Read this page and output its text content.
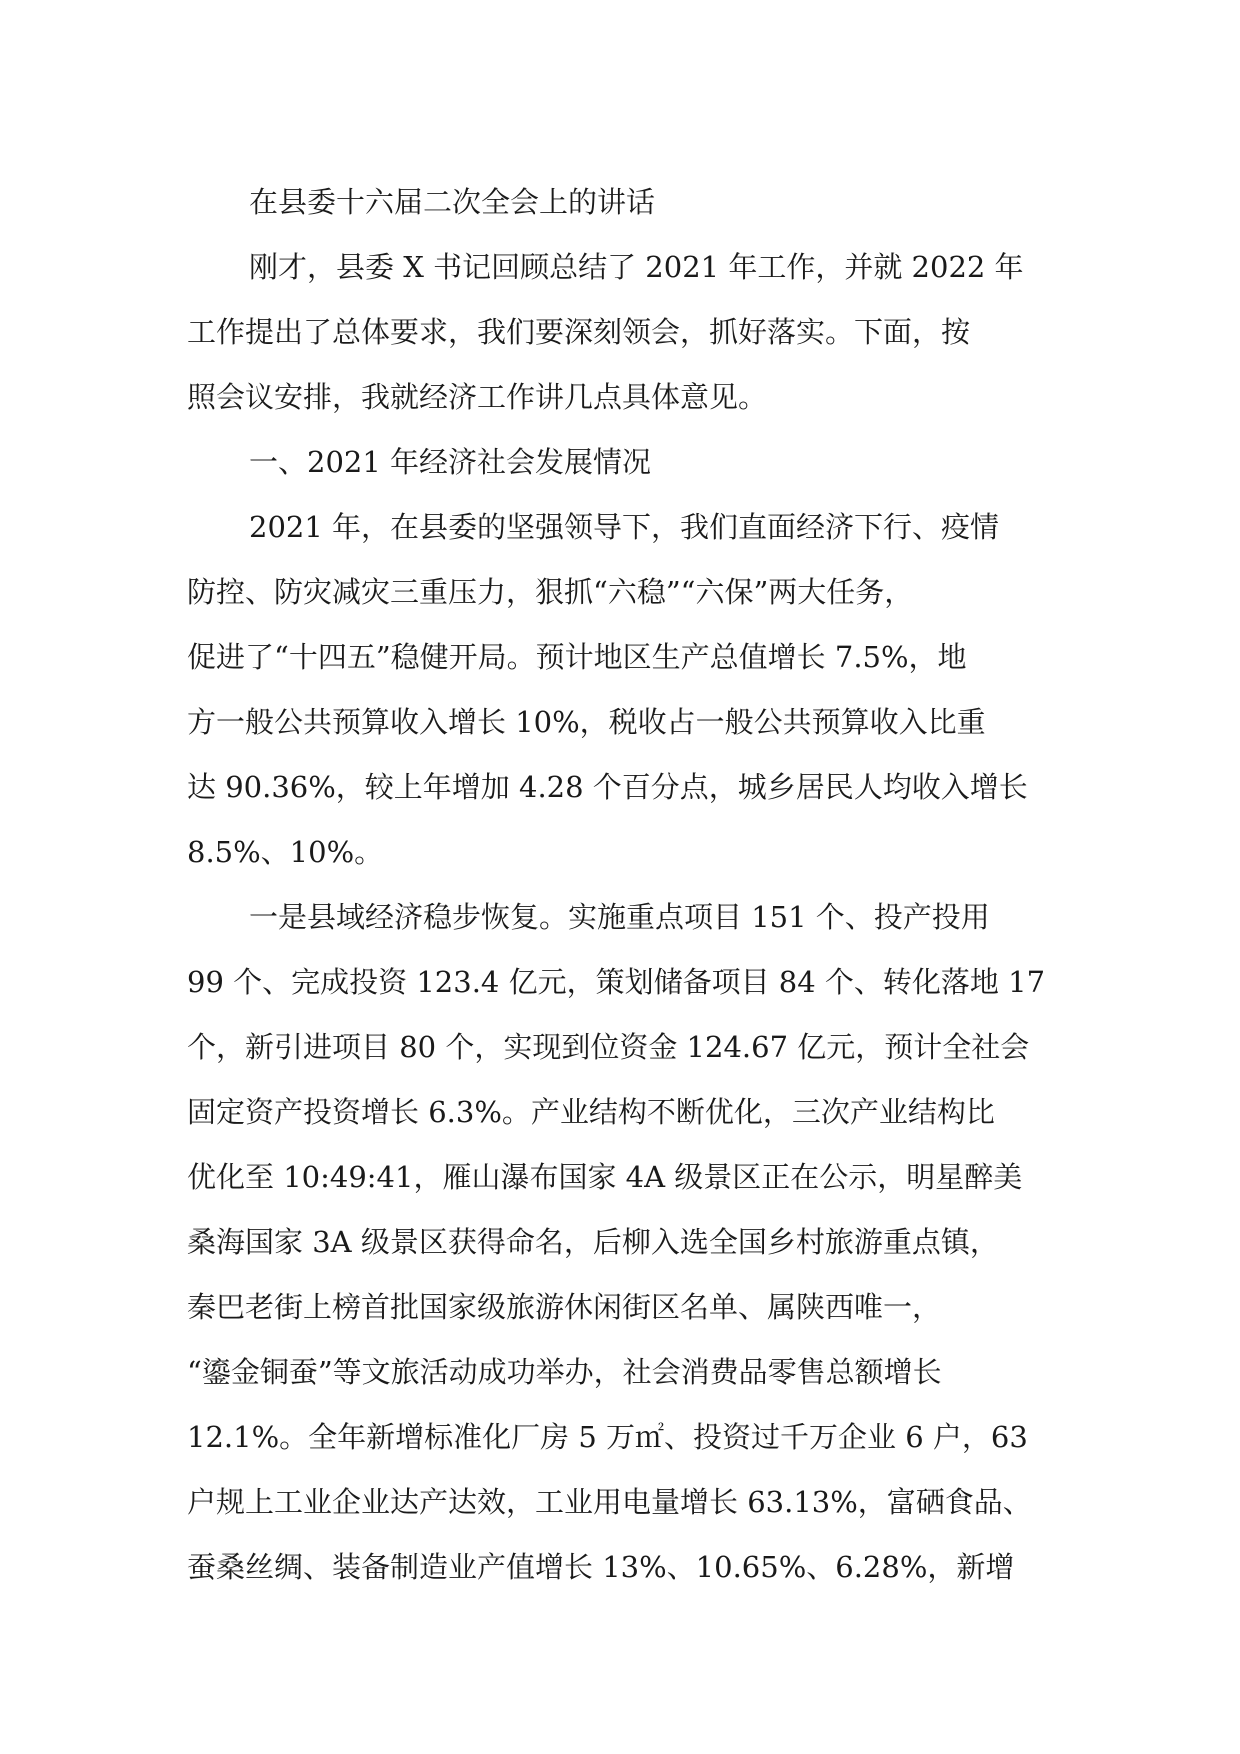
在县委十六届二次全会上的讲话
刚才，县委 X 书记回顾总结了 2021 年工作，并就 2022 年
工作提出了总体要求，我们要深刻领会，抓好落实。下面，按
照会议安排，我就经济工作讲几点具体意见。
一、2021 年经济社会发展情况
2021 年，在县委的坚强领导下，我们直面经济下行、疫情
防控、防灾减灾三重压力，狠抓“六稳”“六保”两大任务，
促进了“十四五”稳健开局。预计地区生产总值增长 7.5%，地
方一般公共预算收入增长 10%，税收占一般公共预算收入比重
达 90.36%，较上年增加 4.28 个百分点，城乡居民人均收入增长
8.5%、10%。
一是县域经济稳步恢复。实施重点项目 151 个、投产投用
99 个、完成投资 123.4 亿元，策划储备项目 84 个、转化落地 17
个，新引进项目 80 个，实现到位资金 124.67 亿元，预计全社会
固定资产投资增长 6.3%。产业结构不断优化，三次产业结构比
优化至 10:49:41，雁山瀑布国家 4A 级景区正在公示，明星醉美
桑海国家 3A 级景区获得命名，后柳入选全国乡村旅游重点镇，
秦巴老街上榜首批国家级旅游休闲街区名单、属陕西唯一，
“鎏金铜蚕”等文旅活动成功举办，社会消费品零售总额增长
12.1%。全年新增标准化厂房 5 万㎡、投资过千万企业 6 户，63
户规上工业企业达产达效，工业用电量增长 63.13%，富硒食品、
蚕桑丝绸、装备制造业产值增长 13%、10.65%、6.28%，新增
